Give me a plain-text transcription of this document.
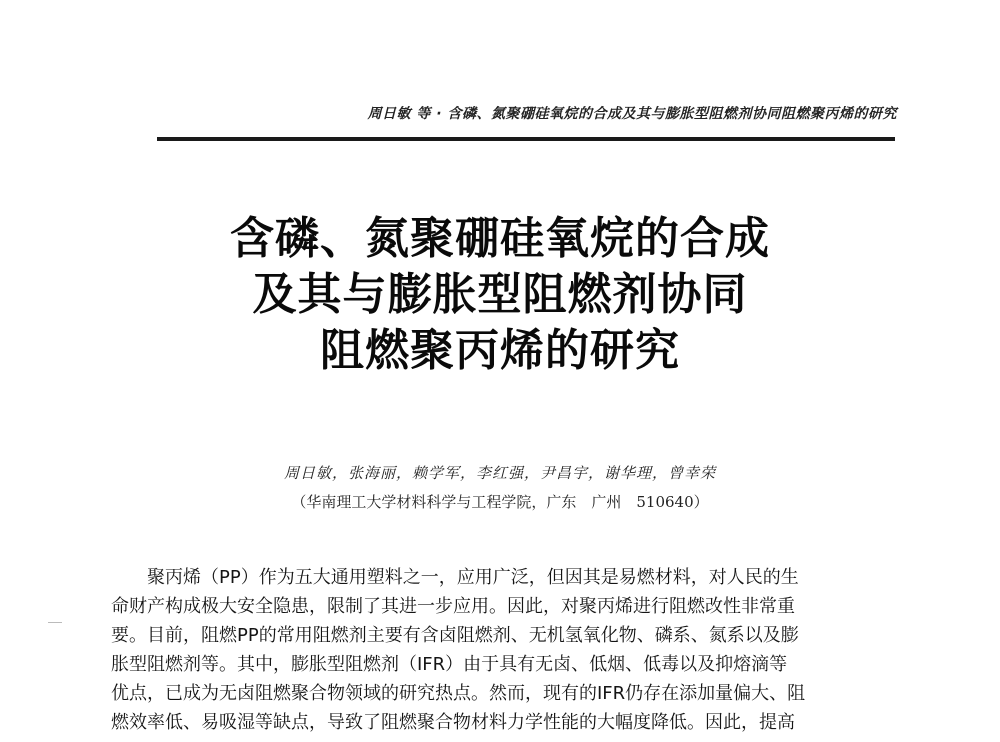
周日敏 等 · 含磷、氮聚硼硅氧烷的合成及其与膨胀型阻燃剂协同阻燃聚丙烯的研究
含磷、氮聚硼硅氧烷的合成
及其与膨胀型阻燃剂协同
阻燃聚丙烯的研究
周日敏，张海丽，赖学军，李红强，尹昌宇，谢华理，曾幸荣
（华南理工大学材料科学与工程学院，广东　广州　510640）
聚丙烯（PP）作为五大通用塑料之一，应用广泛，但因其是易燃材料，对人民的生
命财产构成极大安全隐患，限制了其进一步应用。因此，对聚丙烯进行阻燃改性非常重
要。目前，阻燃PP的常用阻燃剂主要有含卤阻燃剂、无机氢氧化物、磷系、氮系以及膨
胀型阻燃剂等。其中，膨胀型阻燃剂（IFR）由于具有无卤、低烟、低毒以及抑熔滴等
优点，已成为无卤阻燃聚合物领域的研究热点。然而，现有的IFR仍存在添加量偏大、阻
燃效率低、易吸湿等缺点，导致了阻燃聚合物材料力学性能的大幅度降低。因此，提高
